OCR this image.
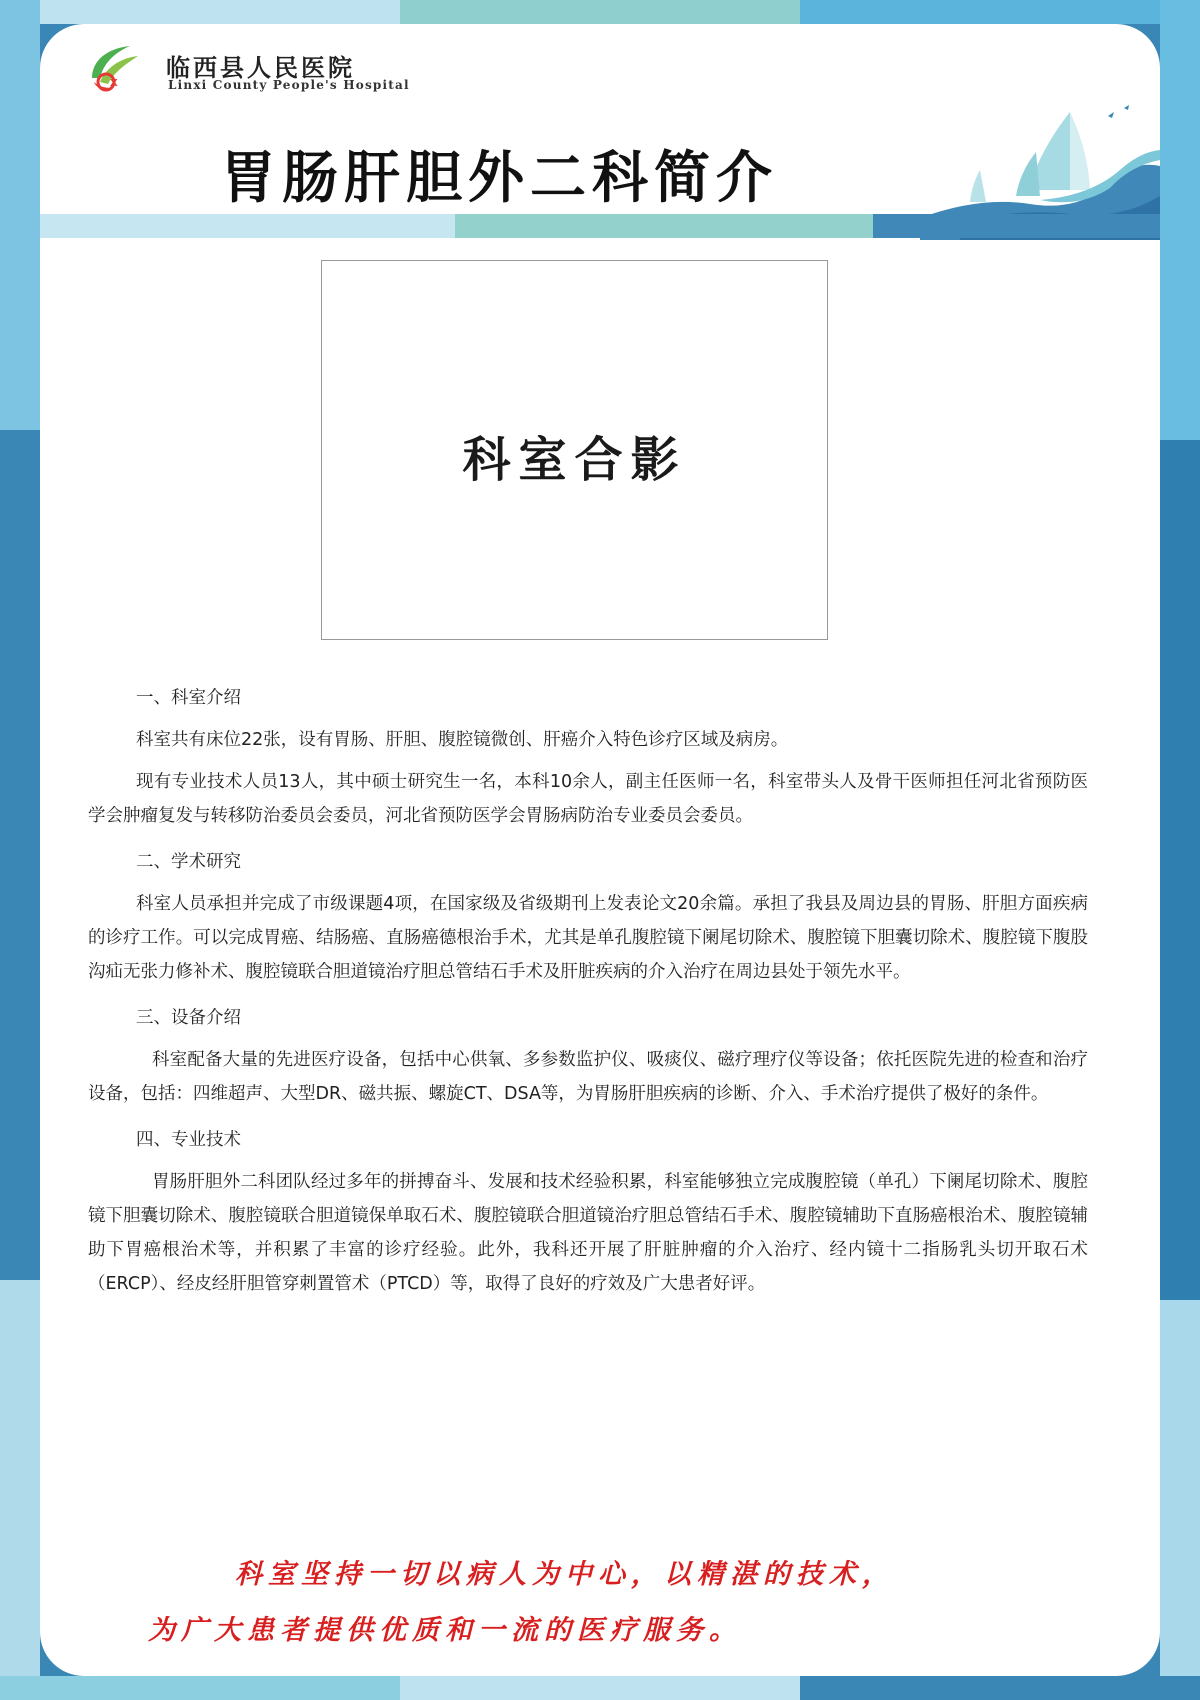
X
临西县人民医院
Linxi County People's Hospital
胃肠肝胆外二科简介
科室合影

一、科室介绍

科室共有床位22张，设有胃肠、肝胆、腹腔镜微创、肝癌介入特色诊疗区域及病房。

现有专业技术人员13人，其中硕士研究生一名，本科10余人，副主任医师一名，科室带头人及骨干医师担任河北省预防医学会肿瘤复发与转移防治委员会委员，河北省预防医学会胃肠病防治专业委员会委员。

二、学术研究

科室人员承担并完成了市级课题4项，在国家级及省级期刊上发表论文20余篇。承担了我县及周边县的胃肠、肝胆方面疾病的诊疗工作。可以完成胃癌、结肠癌、直肠癌德根治手术，尤其是单孔腹腔镜下阑尾切除术、腹腔镜下胆囊切除术、腹腔镜下腹股沟疝无张力修补术、腹腔镜联合胆道镜治疗胆总管结石手术及肝脏疾病的介入治疗在周边县处于领先水平。

三、设备介绍

科室配备大量的先进医疗设备，包括中心供氧、多参数监护仪、吸痰仪、磁疗理疗仪等设备；依托医院先进的检查和治疗设备，包括：四维超声、大型DR、磁共振、螺旋CT、DSA等，为胃肠肝胆疾病的诊断、介入、手术治疗提供了极好的条件。

四、专业技术

胃肠肝胆外二科团队经过多年的拼搏奋斗、发展和技术经验积累，科室能够独立完成腹腔镜（单孔）下阑尾切除术、腹腔镜下胆囊切除术、腹腔镜联合胆道镜保单取石术、腹腔镜联合胆道镜治疗胆总管结石手术、腹腔镜辅助下直肠癌根治术、腹腔镜辅助下胃癌根治术等，并积累了丰富的诊疗经验。此外，我科还开展了肝脏肿瘤的介入治疗、经内镜十二指肠乳头切开取石术（ERCP）、经皮经肝胆管穿刺置管术（PTCD）等，取得了良好的疗效及广大患者好评。

科室坚持一切以病人为中心，以精湛的技术，
为广大患者提供优质和一流的医疗服务。
